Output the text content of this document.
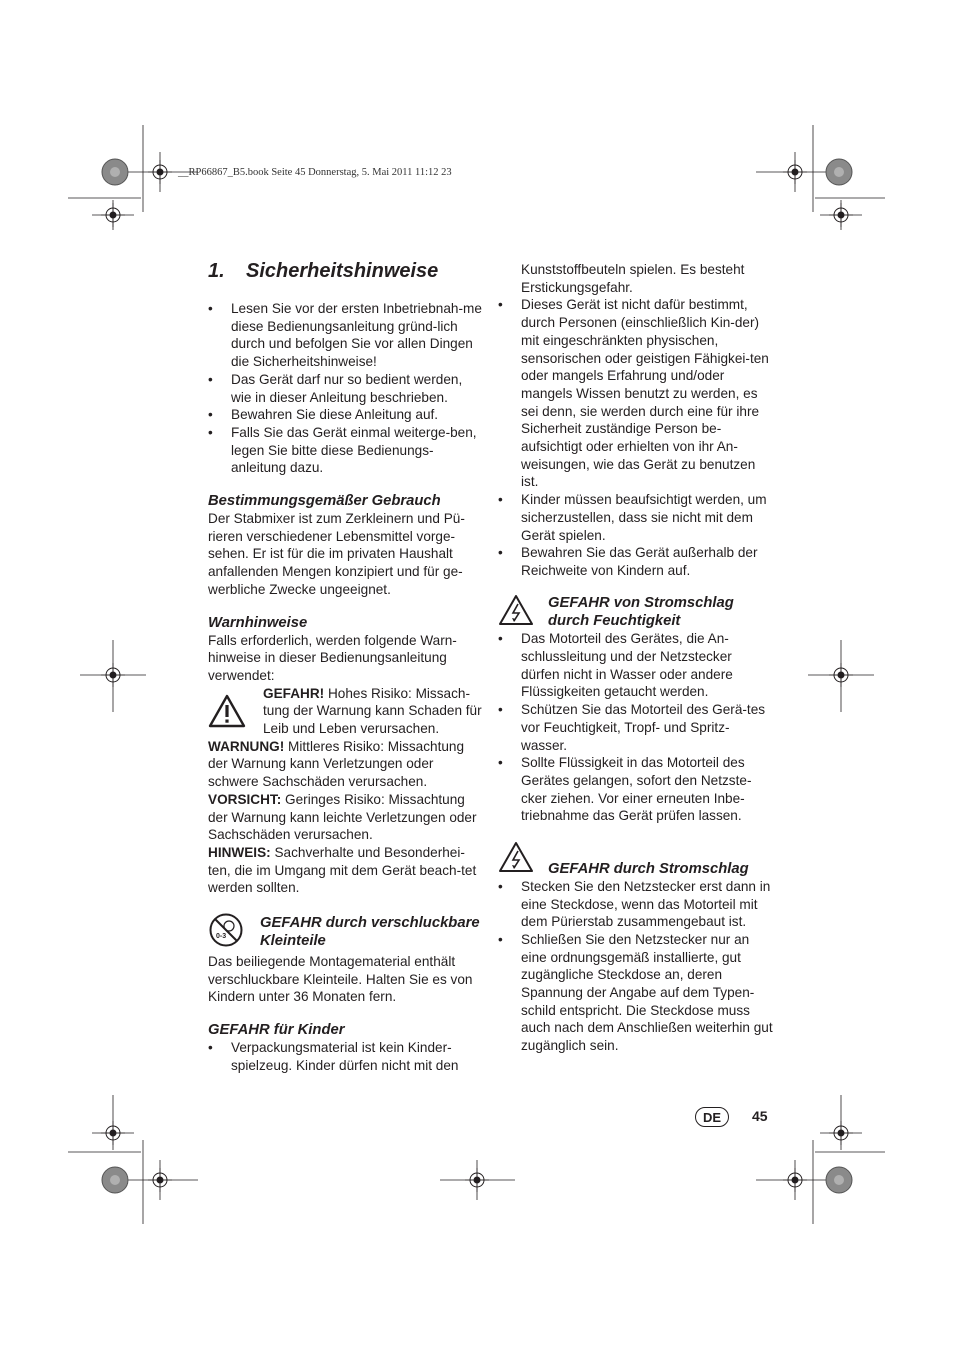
__RP66867_B5.book Seite 45 Donnerstag, 5. Mai 2011 11:12 23
1. Sicherheitshinweise
• Lesen Sie vor der ersten Inbetriebnah-me diese Bedienungsanleitung gründ-lich durch und befolgen Sie vor allen Dingen die Sicherheitshinweise!
• Das Gerät darf nur so bedient werden, wie in dieser Anleitung beschrieben.
• Bewahren Sie diese Anleitung auf.
• Falls Sie das Gerät einmal weiterge-ben, legen Sie bitte diese Bedienungs-anleitung dazu.
Bestimmungsgemäßer Gebrauch

Der Stabmixer ist zum Zerkleinern und Pü-rieren verschiedener Lebensmittel vorge-sehen. Er ist für die im privaten Haushalt anfallenden Mengen konzipiert und für ge-werbliche Zwecke ungeeignet.

Warnhinweise

Falls erforderlich, werden folgende Warn-hinweise in dieser Bedienungsanleitung verwendet:

GEFAHR! Hohes Risiko: Missach-tung der Warnung kann Schaden für Leib und Leben verursachen.

WARNUNG! Mittleres Risiko: Missachtung der Warnung kann Verletzungen oder schwere Sachschäden verursachen.

VORSICHT: Geringes Risiko: Missachtung der Warnung kann leichte Verletzungen oder Sachschäden verursachen.

HINWEIS: Sachverhalte und Besonderhei-ten, die im Umgang mit dem Gerät beach-tet werden sollten.

0-3
GEFAHR durch verschluckbare Kleinteile

Das beiliegende Montagematerial enthält verschluckbare Kleinteile. Halten Sie es von Kindern unter 36 Monaten fern.

GEFAHR für Kinder
• Verpackungsmaterial ist kein Kinder-spielzeug. Kinder dürfen nicht mit den

Kunststoffbeuteln spielen. Es besteht Erstickungsgefahr.

• Dieses Gerät ist nicht dafür bestimmt, durch Personen (einschließlich Kin-der) mit eingeschränkten physischen, sensorischen oder geistigen Fähigkei-ten oder mangels Erfahrung und/oder mangels Wissen benutzt zu werden, es sei denn, sie werden durch eine für ihre Sicherheit zuständige Person be-aufsichtigt oder erhielten von ihr An-weisungen, wie das Gerät zu benutzen ist.
• Kinder müssen beaufsichtigt werden, um sicherzustellen, dass sie nicht mit dem Gerät spielen.
• Bewahren Sie das Gerät außerhalb der Reichweite von Kindern auf.
GEFAHR von Stromschlag durch Feuchtigkeit
• Das Motorteil des Gerätes, die An-schlussleitung und der Netzstecker dürfen nicht in Wasser oder andere Flüssigkeiten getaucht werden.
• Schützen Sie das Motorteil des Gerä-tes vor Feuchtigkeit, Tropf- und Spritz-wasser.
• Sollte Flüssigkeit in das Motorteil des Gerätes gelangen, sofort den Netzste-cker ziehen. Vor einer erneuten Inbe-triebnahme das Gerät prüfen lassen.
GEFAHR durch Stromschlag
• Stecken Sie den Netzstecker erst dann in eine Steckdose, wenn das Motorteil mit dem Pürierstab zusammengebaut ist.
• Schließen Sie den Netzstecker nur an eine ordnungsgemäß installierte, gut zugängliche Steckdose an, deren Spannung der Angabe auf dem Typen-schild entspricht. Die Steckdose muss auch nach dem Anschließen weiterhin gut zugänglich sein.
DE	45
